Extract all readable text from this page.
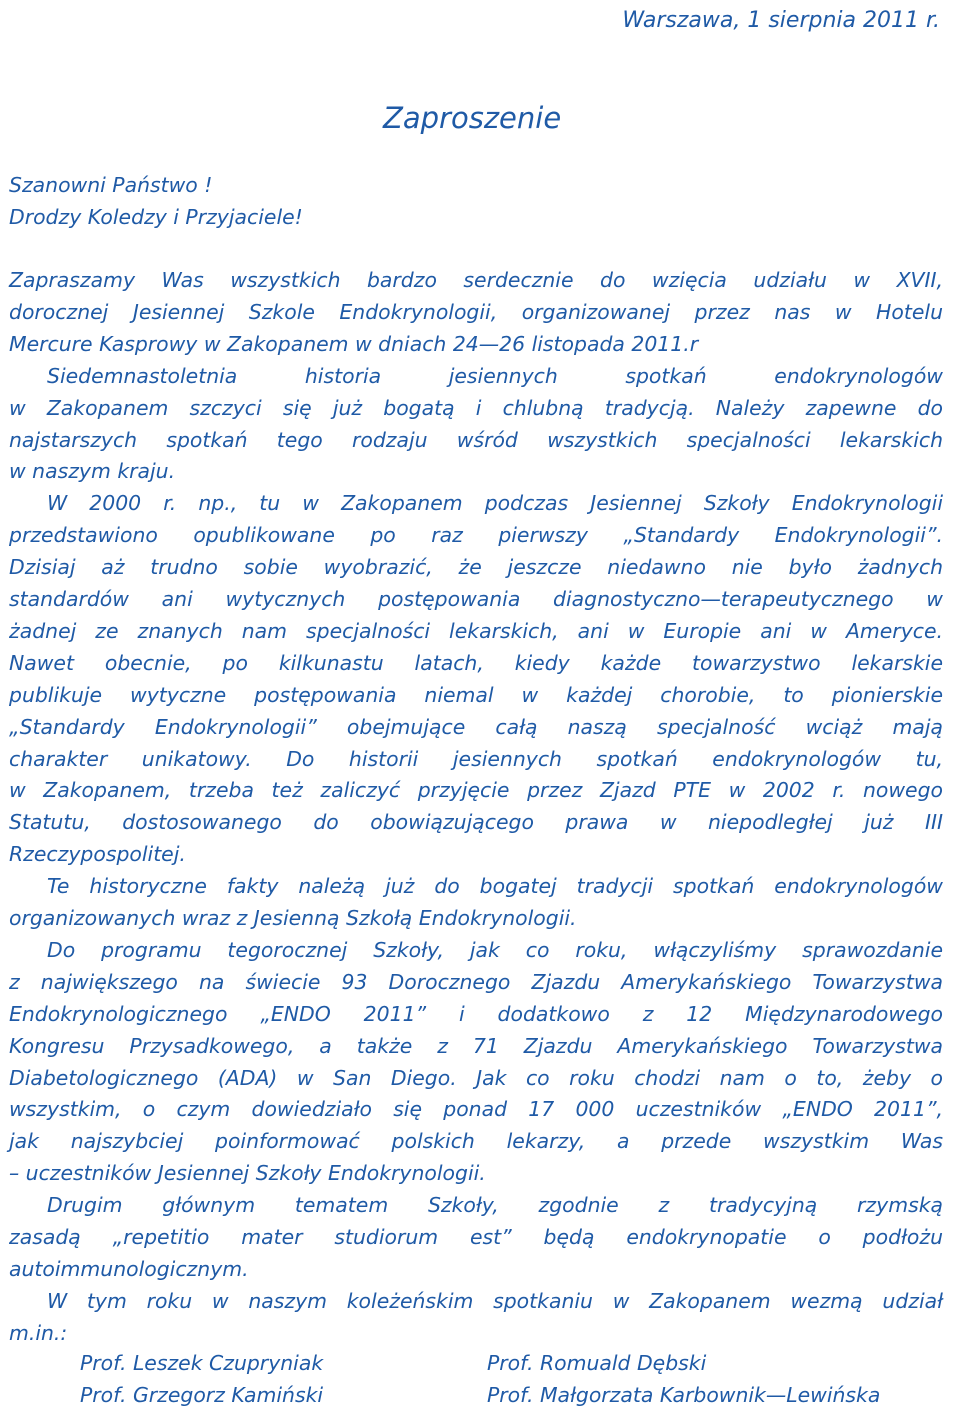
Warszawa, 1 sierpnia 2011 r.
Zaproszenie
Szanowni Państwo !
Drodzy Koledzy i Przyjaciele!
Zapraszamy Was wszystkich bardzo serdecznie do wzięcia udziału w XVII,
dorocznej Jesiennej Szkole Endokrynologii, organizowanej przez nas w Hotelu
Mercure Kasprowy w Zakopanem w dniach 24—26 listopada 2011.r
Siedemnastoletnia historia jesiennych spotkań endokrynologów
w Zakopanem szczyci się już bogatą i chlubną tradycją. Należy zapewne do
najstarszych spotkań tego rodzaju wśród wszystkich specjalności lekarskich
w naszym kraju.
W 2000 r. np., tu w Zakopanem podczas Jesiennej Szkoły Endokrynologii
przedstawiono opublikowane po raz pierwszy „Standardy Endokrynologii”.
Dzisiaj aż trudno sobie wyobrazić, że jeszcze niedawno nie było żadnych
standardów ani wytycznych postępowania diagnostyczno—terapeutycznego w
żadnej ze znanych nam specjalności lekarskich, ani w Europie ani w Ameryce.
Nawet obecnie, po kilkunastu latach, kiedy każde towarzystwo lekarskie
publikuje wytyczne postępowania niemal w każdej chorobie, to pionierskie
„Standardy Endokrynologii” obejmujące całą naszą specjalność wciąż mają
charakter unikatowy. Do historii jesiennych spotkań endokrynologów tu,
w Zakopanem, trzeba też zaliczyć przyjęcie przez Zjazd PTE w 2002 r. nowego
Statutu, dostosowanego do obowiązującego prawa w niepodległej już III
Rzeczypospolitej.
Te historyczne fakty należą już do bogatej tradycji spotkań endokrynologów
organizowanych wraz z Jesienną Szkołą Endokrynologii.
Do programu tegorocznej Szkoły, jak co roku, włączyliśmy sprawozdanie
z największego na świecie 93 Dorocznego Zjazdu Amerykańskiego Towarzystwa
Endokrynologicznego „ENDO 2011” i dodatkowo z 12 Międzynarodowego
Kongresu Przysadkowego, a także z 71 Zjazdu Amerykańskiego Towarzystwa
Diabetologicznego (ADA) w San Diego. Jak co roku chodzi nam o to, żeby o
wszystkim, o czym dowiedziało się ponad 17 000 uczestników „ENDO 2011”,
jak najszybciej poinformować polskich lekarzy, a przede wszystkim Was
– uczestników Jesiennej Szkoły Endokrynologii.
Drugim głównym tematem Szkoły, zgodnie z tradycyjną rzymską
zasadą „repetitio mater studiorum est” będą endokrynopatie o podłożu
autoimmunologicznym.
W tym roku w naszym koleżeńskim spotkaniu w Zakopanem wezmą udział
m.in.:
Prof. Leszek Czupryniak	Prof. Romuald Dębski
Prof. Grzegorz Kamiński	Prof. Małgorzata Karbownik—Lewińska
